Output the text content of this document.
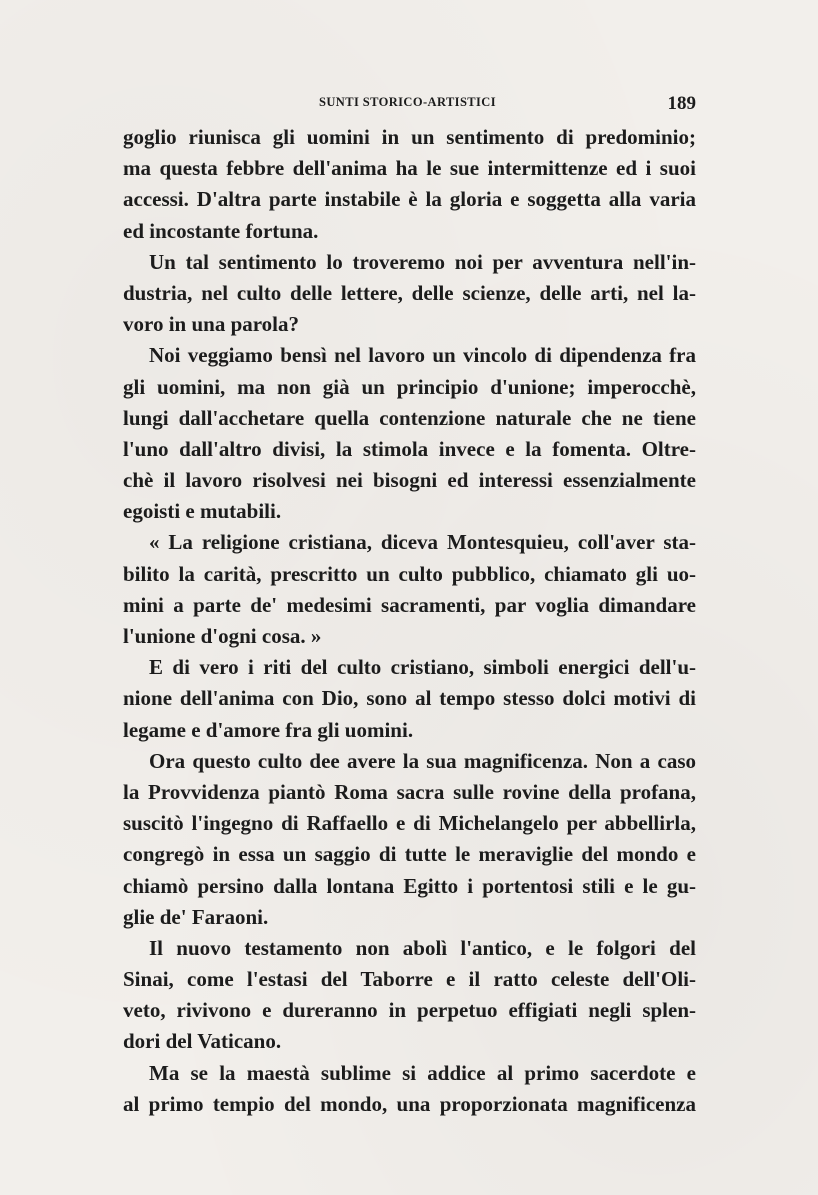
SUNTI STORICO-ARTISTICI	189
goglio riunisca gli uomini in un sentimento di predominio;
ma questa febbre dell'anima ha le sue intermittenze ed i suoi
accessi. D'altra parte instabile è la gloria e soggetta alla varia
ed incostante fortuna.
Un tal sentimento lo troveremo noi per avventura nell'in-
dustria, nel culto delle lettere, delle scienze, delle arti, nel la-
voro in una parola?
Noi veggiamo bensì nel lavoro un vincolo di dipendenza fra
gli uomini, ma non già un principio d'unione; imperocchè,
lungi dall'acchetare quella contenzione naturale che ne tiene
l'uno dall'altro divisi, la stimola invece e la fomenta. Oltre-
chè il lavoro risolvesi nei bisogni ed interessi essenzialmente
egoisti e mutabili.
« La religione cristiana, diceva Montesquieu, coll'aver sta-
bilito la carità, prescritto un culto pubblico, chiamato gli uo-
mini a parte de' medesimi sacramenti, par voglia dimandare
l'unione d'ogni cosa. »
E di vero i riti del culto cristiano, simboli energici dell'u-
nione dell'anima con Dio, sono al tempo stesso dolci motivi di
legame e d'amore fra gli uomini.
Ora questo culto dee avere la sua magnificenza. Non a caso
la Provvidenza piantò Roma sacra sulle rovine della profana,
suscitò l'ingegno di Raffaello e di Michelangelo per abbellirla,
congregò in essa un saggio di tutte le meraviglie del mondo e
chiamò persino dalla lontana Egitto i portentosi stili e le gu-
glie de' Faraoni.
Il nuovo testamento non abolì l'antico, e le folgori del
Sinai, come l'estasi del Taborre e il ratto celeste dell'Oli-
veto, rivivono e dureranno in perpetuo effigiati negli splen-
dori del Vaticano.
Ma se la maestà sublime si addice al primo sacerdote e
al primo tempio del mondo, una proporzionata magnificenza
